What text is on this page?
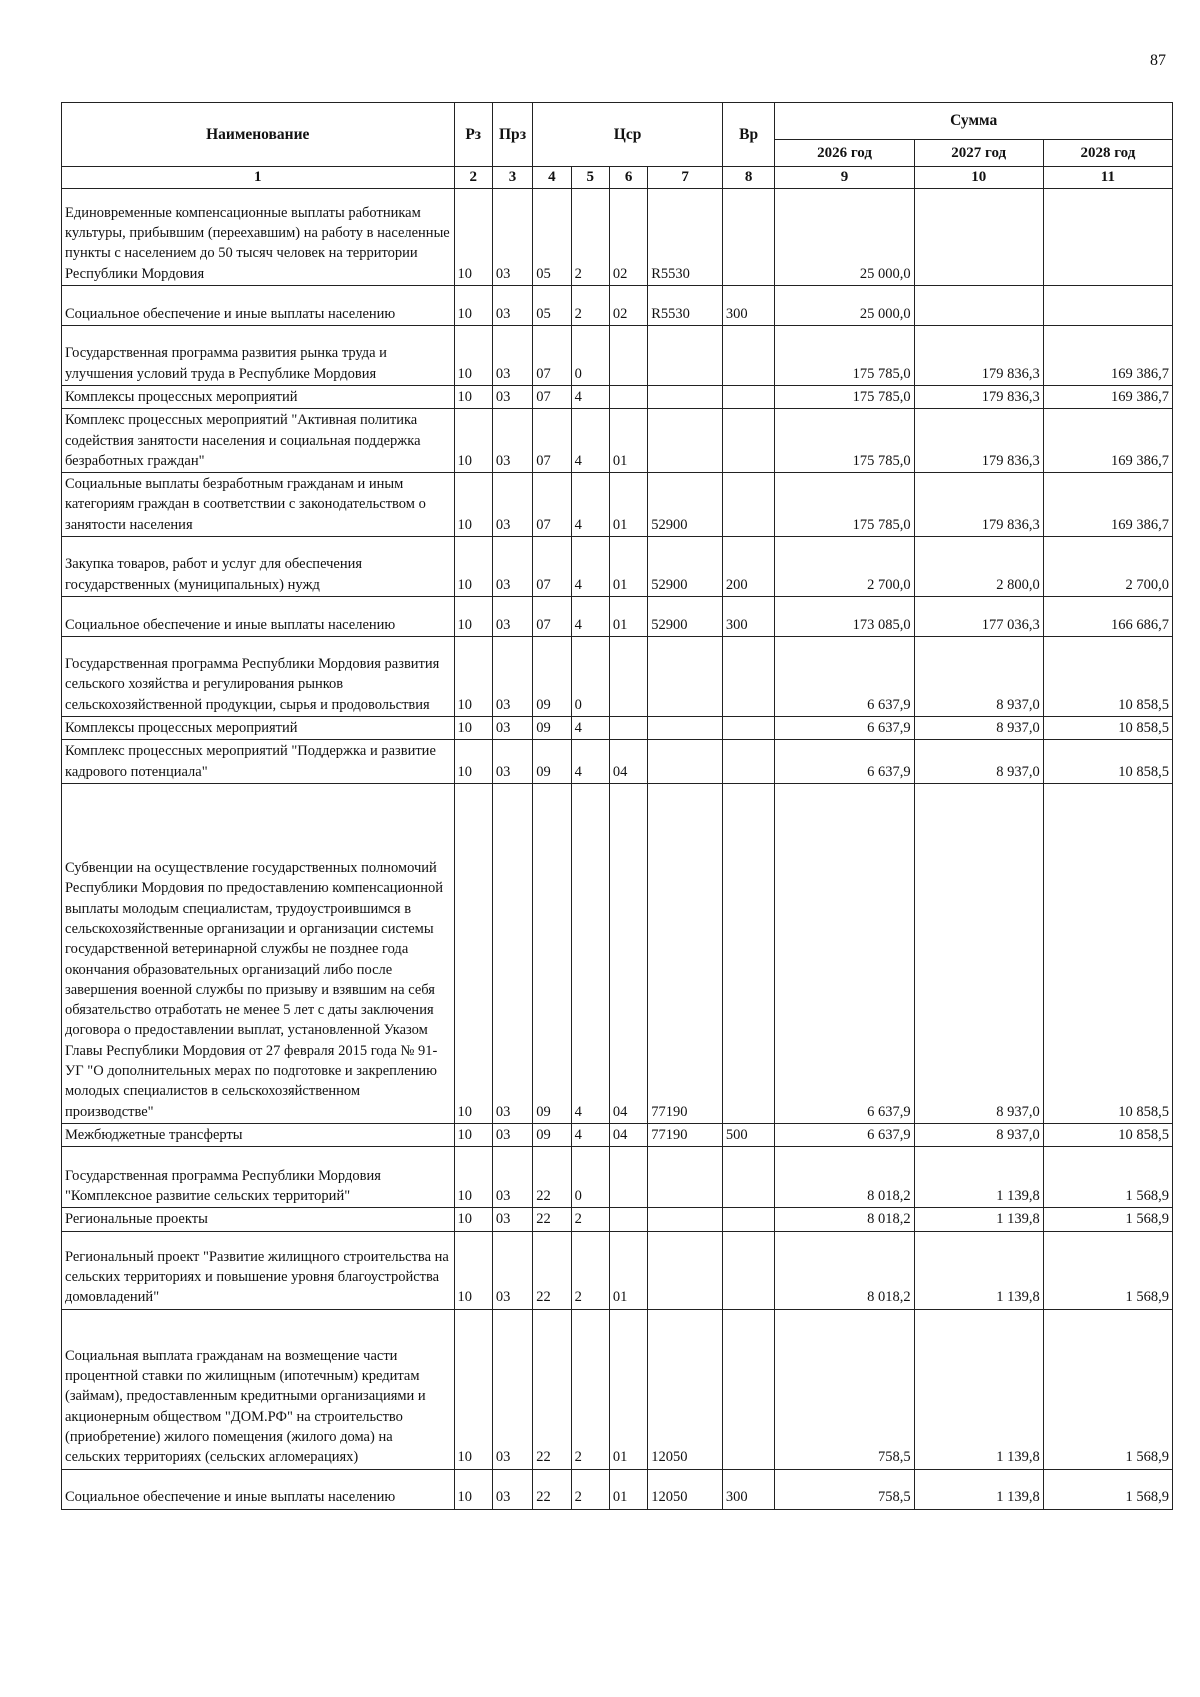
87
Наименование	Рз	Прз	Цср				Вр	Сумма		
								2026 год	2027 год	2028 год
1	2	3	4	5	6	7	8	9	10	11
Единовременные компенсационные выплаты работникам культуры, прибывшим (переехавшим) на работу в населенные пункты с населением до 50 тысяч человек на территории Республики Мордовия	10	03	05	2	02	R5530		25 000,0		
Социальное обеспечение и иные выплаты населению	10	03	05	2	02	R5530	300	25 000,0		
Государственная программа развития рынка труда и улучшения условий труда в Республике Мордовия	10	03	07	0				175 785,0	179 836,3	169 386,7
Комплексы процессных мероприятий	10	03	07	4				175 785,0	179 836,3	169 386,7
Комплекс процессных мероприятий "Активная политика содействия занятости населения и социальная поддержка безработных граждан"	10	03	07	4	01			175 785,0	179 836,3	169 386,7
Социальные выплаты безработным гражданам и иным категориям граждан в соответствии с законодательством о занятости населения	10	03	07	4	01	52900		175 785,0	179 836,3	169 386,7
Закупка товаров, работ и услуг для обеспечения государственных (муниципальных) нужд	10	03	07	4	01	52900	200	2 700,0	2 800,0	2 700,0
Социальное обеспечение и иные выплаты населению	10	03	07	4	01	52900	300	173 085,0	177 036,3	166 686,7
Государственная программа Республики Мордовия развития сельского хозяйства и регулирования рынков сельскохозяйственной продукции, сырья и продовольствия	10	03	09	0				6 637,9	8 937,0	10 858,5
Комплексы процессных мероприятий	10	03	09	4				6 637,9	8 937,0	10 858,5
Комплекс процессных мероприятий "Поддержка и развитие кадрового потенциала"	10	03	09	4	04			6 637,9	8 937,0	10 858,5
Субвенции на осуществление государственных полномочий Республики Мордовия по предоставлению компенсационной выплаты молодым специалистам, трудоустроившимся в сельскохозяйственные организации и организации системы государственной ветеринарной службы не позднее года окончания образовательных организаций либо после завершения военной службы по призыву и взявшим на себя обязательство отработать не менее 5 лет с даты заключения договора о предоставлении выплат, установленной Указом Главы Республики Мордовия от 27 февраля 2015 года № 91-УГ "О дополнительных мерах по подготовке и закреплению молодых специалистов в сельскохозяйственном производстве"	10	03	09	4	04	77190		6 637,9	8 937,0	10 858,5
Межбюджетные трансферты	10	03	09	4	04	77190	500	6 637,9	8 937,0	10 858,5
Государственная программа Республики Мордовия "Комплексное развитие сельских территорий"	10	03	22	0				8 018,2	1 139,8	1 568,9
Региональные проекты	10	03	22	2				8 018,2	1 139,8	1 568,9
Региональный проект "Развитие жилищного строительства на сельских территориях и повышение уровня благоустройства домовладений"	10	03	22	2	01			8 018,2	1 139,8	1 568,9
Социальная выплата гражданам на возмещение части процентной ставки по жилищным (ипотечным) кредитам (займам), предоставленным кредитными организациями и акционерным обществом "ДОМ.РФ" на строительство (приобретение) жилого помещения (жилого дома) на сельских территориях (сельских агломерациях)	10	03	22	2	01	12050		758,5	1 139,8	1 568,9
Социальное обеспечение и иные выплаты населению	10	03	22	2	01	12050	300	758,5	1 139,8	1 568,9
